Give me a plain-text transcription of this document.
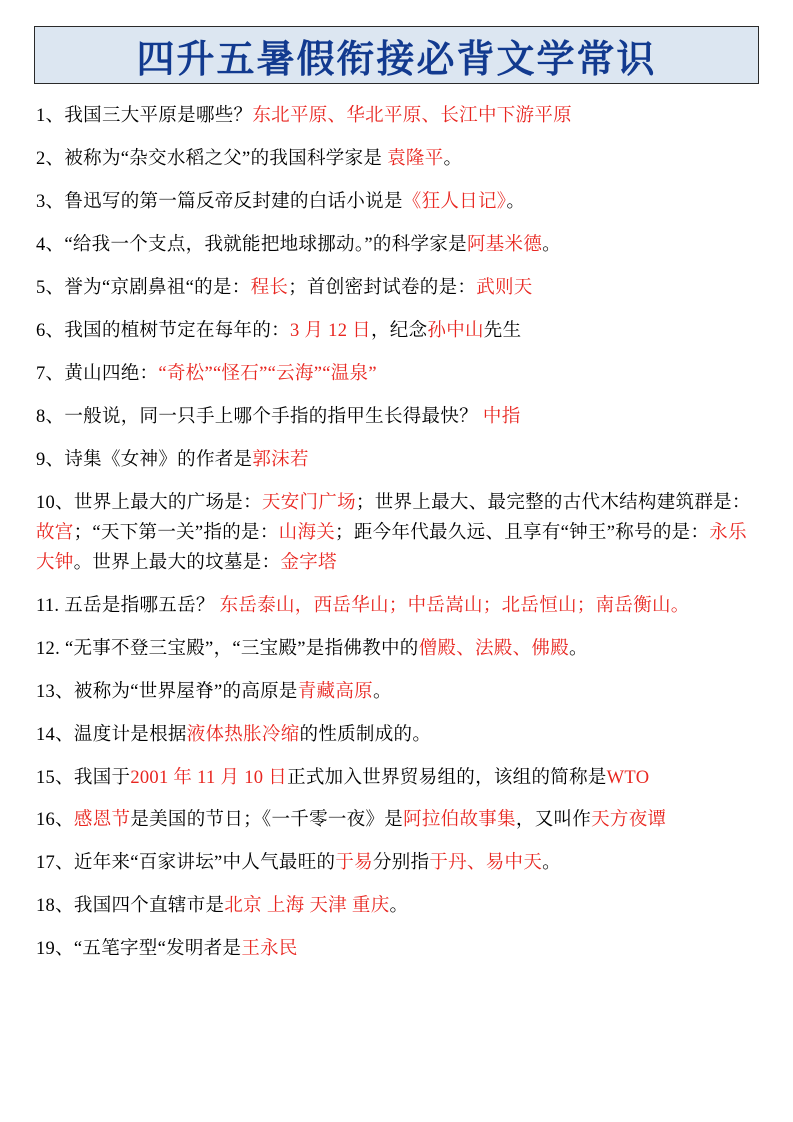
四升五暑假衔接必背文学常识
1、我国三大平原是哪些？东北平原、华北平原、长江中下游平原
2、被称为“杂交水稻之父”的我国科学家是 袁隆平。
3、鲁迅写的第一篇反帝反封建的白话小说是《狂人日记》。
4、“给我一个支点，我就能把地球挪动。”的科学家是阿基米德。
5、誉为“京剧鼻祖“的是：程长；首创密封试卷的是：武则天
6、我国的植树节定在每年的：3 月 12 日，纪念孙中山先生
7、黄山四绝：“奇松”“怪石”“云海”“温泉”
8、一般说，同一只手上哪个手指的指甲生长得最快？ 中指
9、诗集《女神》的作者是郭沫若
10、世界上最大的广场是：天安门广场；世界上最大、最完整的古代木结构建筑群是：故宫；“天下第一关”指的是：山海关；距今年代最久远、且享有“钟王”称号的是：永乐大钟。世界上最大的坟墓是：金字塔
11. 五岳是指哪五岳？ 东岳泰山，西岳华山；中岳嵩山；北岳恒山；南岳衡山。
12. “无事不登三宝殿”，“三宝殿”是指佛教中的僧殿、法殿、佛殿。
13、被称为“世界屋脊”的高原是青藏高原。
14、温度计是根据液体热胀冷缩的性质制成的。
15、我国于2001 年 11 月 10 日正式加入世界贸易组的，该组的简称是WTO
16、感恩节是美国的节日；《一千零一夜》是阿拉伯故事集，又叫作天方夜谭
17、近年来“百家讲坛”中人气最旺的于易分别指于丹、易中天。
18、我国四个直辖市是北京 上海 天津 重庆。
19、“五笔字型“发明者是王永民
